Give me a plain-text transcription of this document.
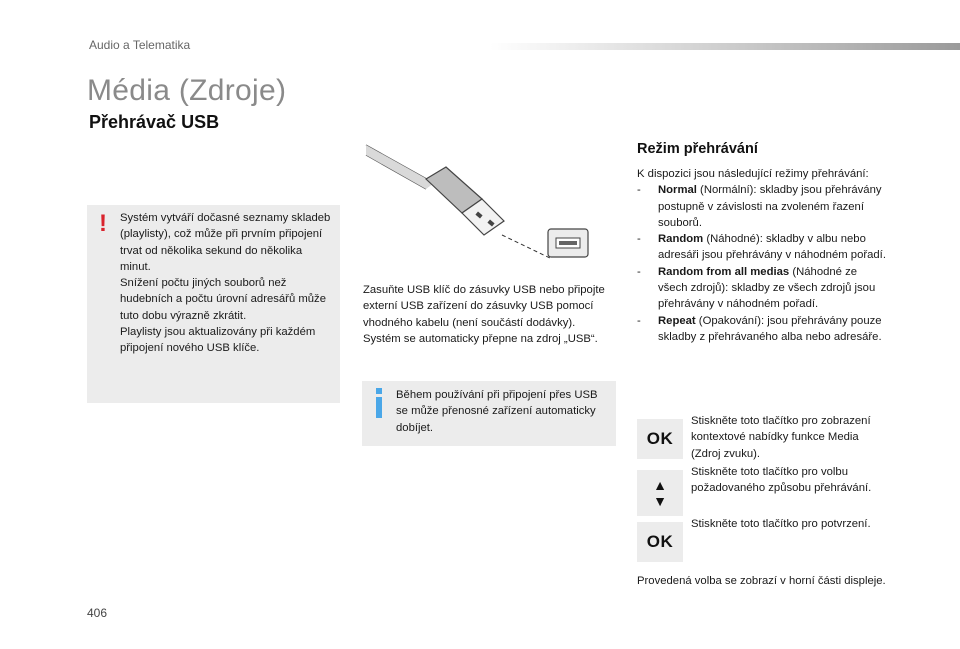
Audio a Telematika
Média (Zdroje)
Přehrávač USB
! Systém vytváří dočasné seznamy skladeb (playlisty), což může při prvním připojení trvat od několika sekund do několika minut.
Snížení počtu jiných souborů než hudebních a počtu úrovní adresářů může tuto dobu výrazně zkrátit.
Playlisty jsou aktualizovány při každém připojení nového USB klíče.
Zasuňte USB klíč do zásuvky USB nebo připojte externí USB zařízení do zásuvky USB pomocí vhodného kabelu (není součástí dodávky).
Systém se automaticky přepne na zdroj „USB“.
Během používání při připojení přes USB se může přenosné zařízení automaticky dobíjet.
Režim přehrávání
K dispozici jsou následující režimy přehrávání:
- Normal (Normální): skladby jsou přehrávány postupně v závislosti na zvoleném řazení souborů.
- Random (Náhodné): skladby v albu nebo adresáři jsou přehrávány v náhodném pořadí.
- Random from all medias (Náhodné ze všech zdrojů): skladby ze všech zdrojů jsou přehrávány v náhodném pořadí.
- Repeat (Opakování): jsou přehrávány pouze skladby z přehrávaného alba nebo adresáře.
OK
Stiskněte toto tlačítko pro zobrazení kontextové nabídky funkce Media (Zdroj zvuku).
▲
▼
Stiskněte toto tlačítko pro volbu požadovaného způsobu přehrávání.
OK
Stiskněte toto tlačítko pro potvrzení.
Provedená volba se zobrazí v horní části displeje.
406
